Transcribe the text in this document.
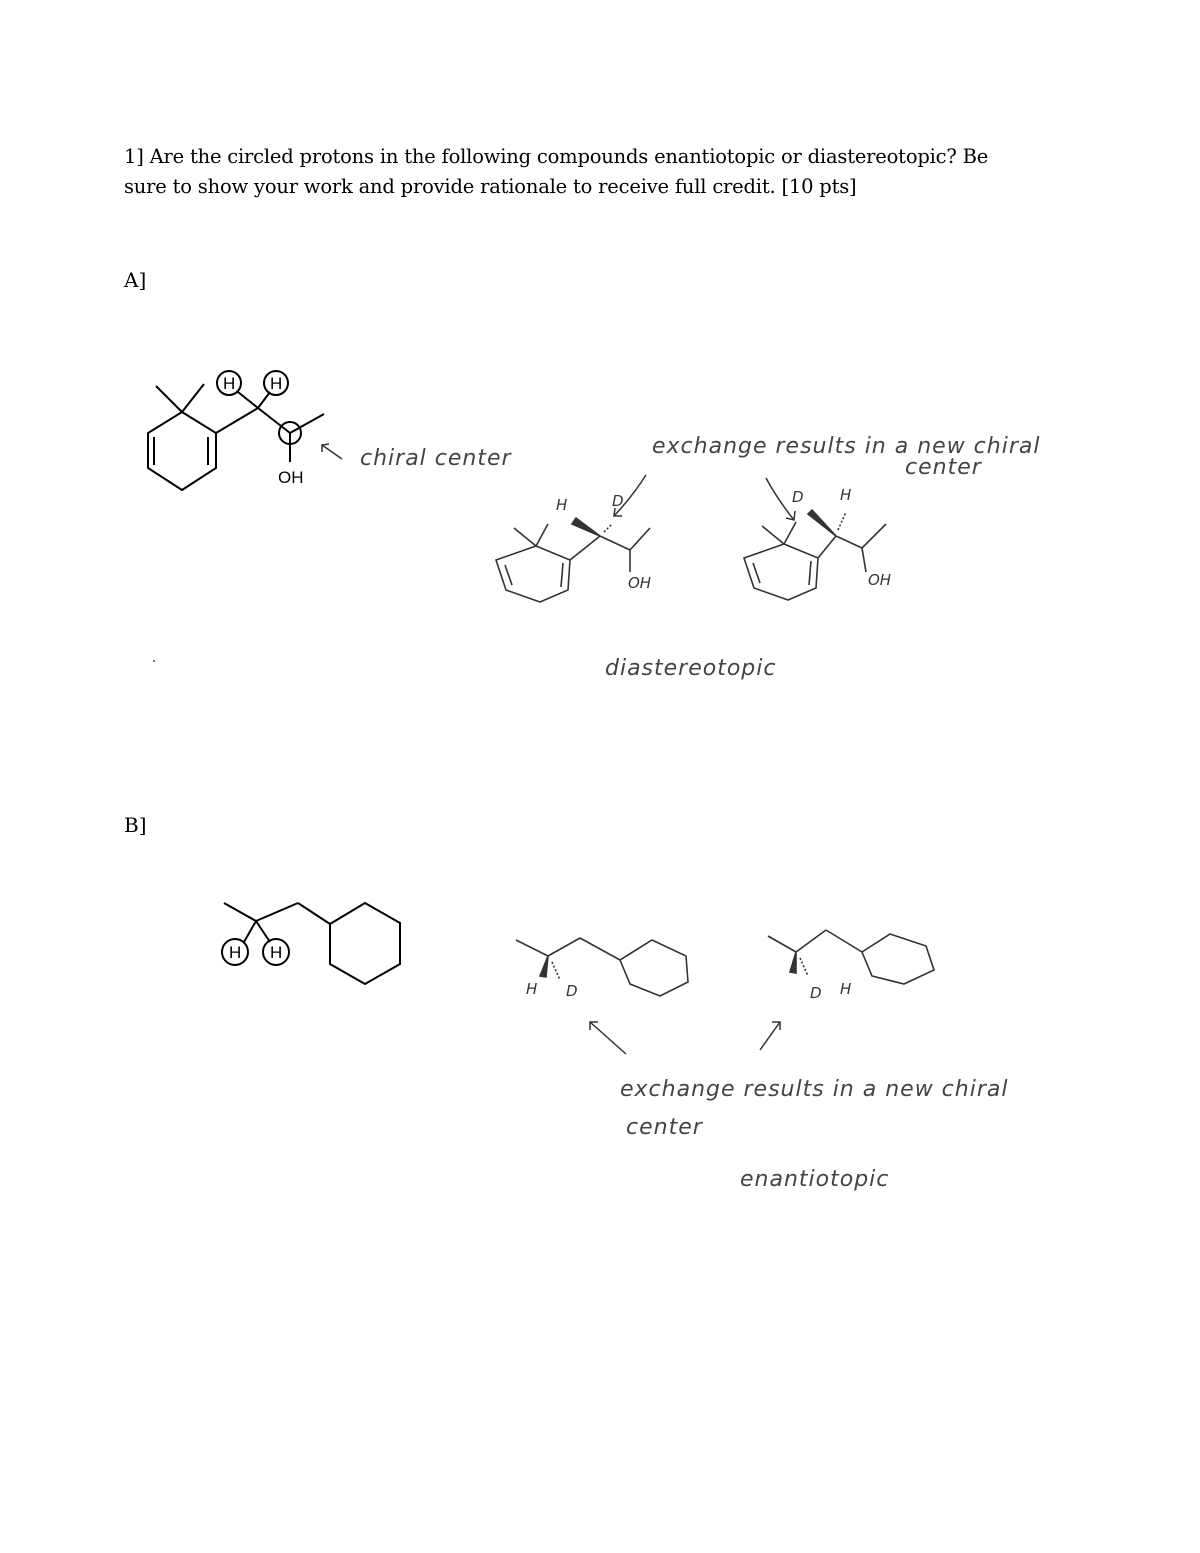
1] Are the circled protons in the following compounds enantiotopic or diastereotopic? Be
sure to show your work and provide rationale to receive full credit. [10 pts]

A]

B]

H H
OH
chiral center	exchange results in a new chiral
center
H	D
OH
D H
OH
diastereotopic
H H
H D	D H
exchange results in a new chiral
center
enantiotopic
